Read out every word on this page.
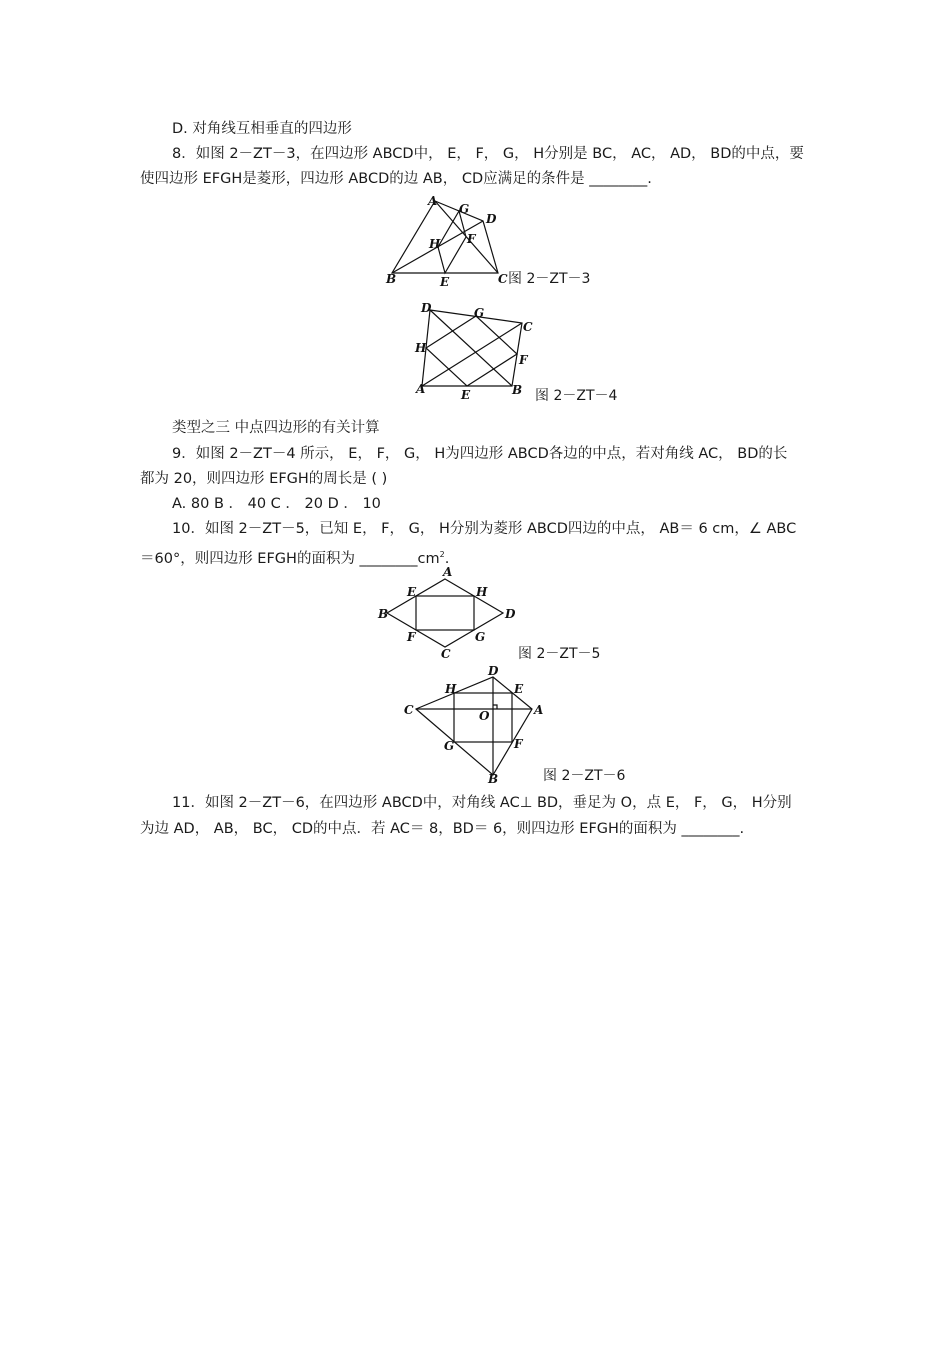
D. 对角线互相垂直的四边形
8．如图 2－ZT－3，在四边形 ABCD中， E， F， G， H分别是 BC， AC， AD， BD的中点，要
使四边形 EFGH是菱形，四边形 ABCD的边 AB， CD应满足的条件是 ________.
A
G
D
H F
B	E	C 图 2－ZT－3
D	G
C
H
F
A	E	B 图 2－ZT－4
类型之三 中点四边形的有关计算
9．如图 2－ZT－4 所示， E， F， G， H为四边形 ABCD各边的中点，若对角线 AC， BD的长
都为 20，则四边形 EFGH的周长是 ( )
A. 80 B ． 40 C ． 20 D ． 10
10．如图 2－ZT－5，已知 E， F， G， H分别为菱形 ABCD四边的中点， AB＝ 6 cm，∠ ABC
＝60°，则四边形 EFGH的面积为 $\_\_\_\_\_\_\_\_cm^2$.
A
E	H
B	D
F	G
C	图 2－ZT－5
H
D
E
C	O	A
G	F
B	图 2－ZT－6
11．如图 2－ZT－6，在四边形 ABCD中，对角线 AC⊥ BD，垂足为 O，点 E， F， G， H分别
为边 AD， AB， BC， CD的中点．若 AC＝ 8，BD＝ 6，则四边形 EFGH的面积为 ________.
